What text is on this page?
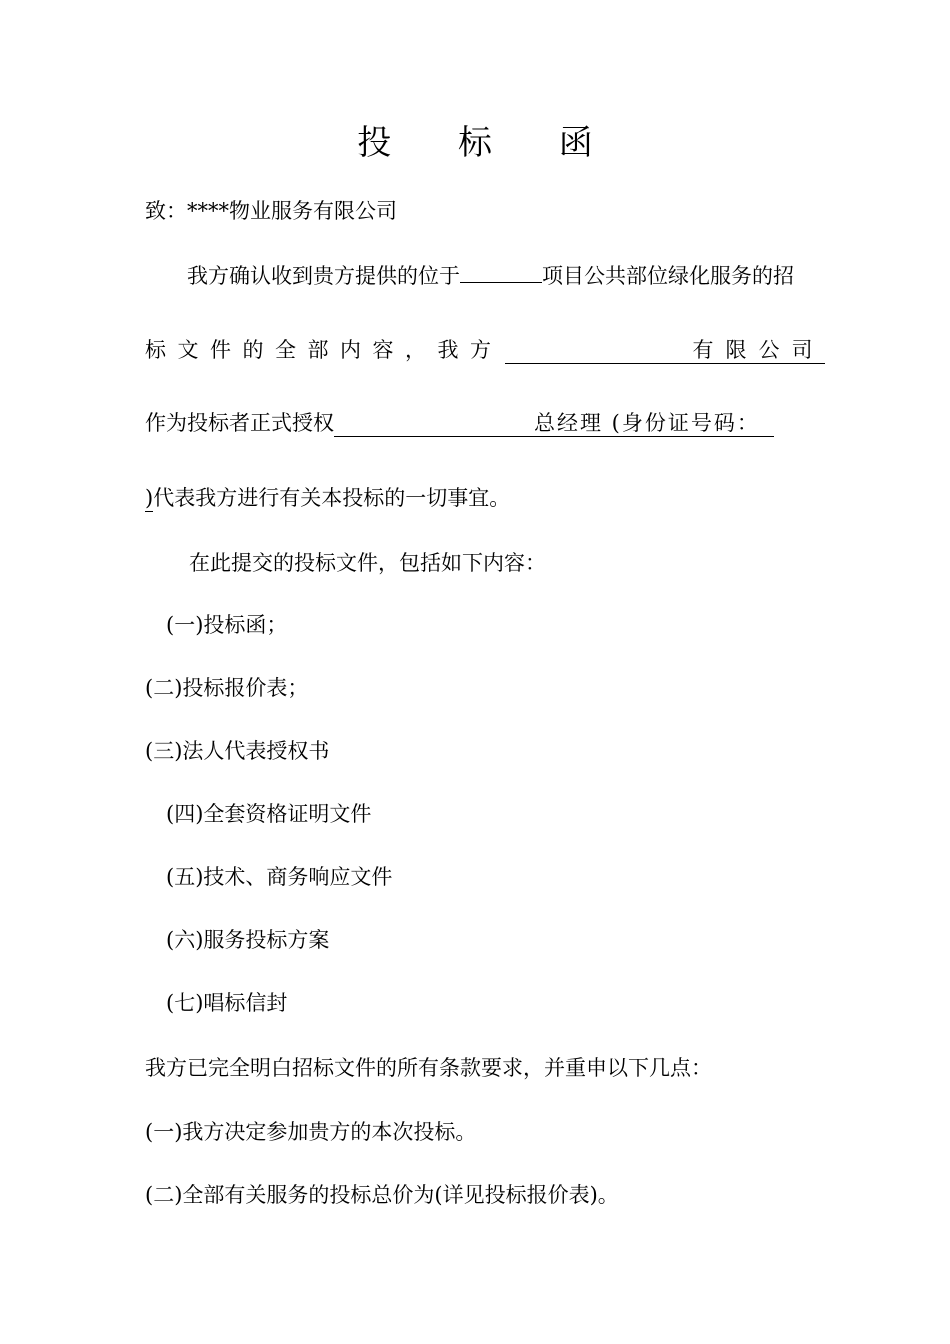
投 标 函
致：****物业服务有限公司
我方确认收到贵方提供的位于	项目公共部位绿化服务的招
标文件的全部内容，我方	有限公司
作为投标者正式授权	总经理 (身份证号码：
)代表我方进行有关本投标的一切事宜。
在此提交的投标文件，包括如下内容：
(一)投标函；
(二)投标报价表；
(三)法人代表授权书
(四)全套资格证明文件
(五)技术、商务响应文件
(六)服务投标方案
(七)唱标信封
我方已完全明白招标文件的所有条款要求，并重申以下几点：
(一)我方决定参加贵方的本次投标。
(二)全部有关服务的投标总价为(详见投标报价表)。
